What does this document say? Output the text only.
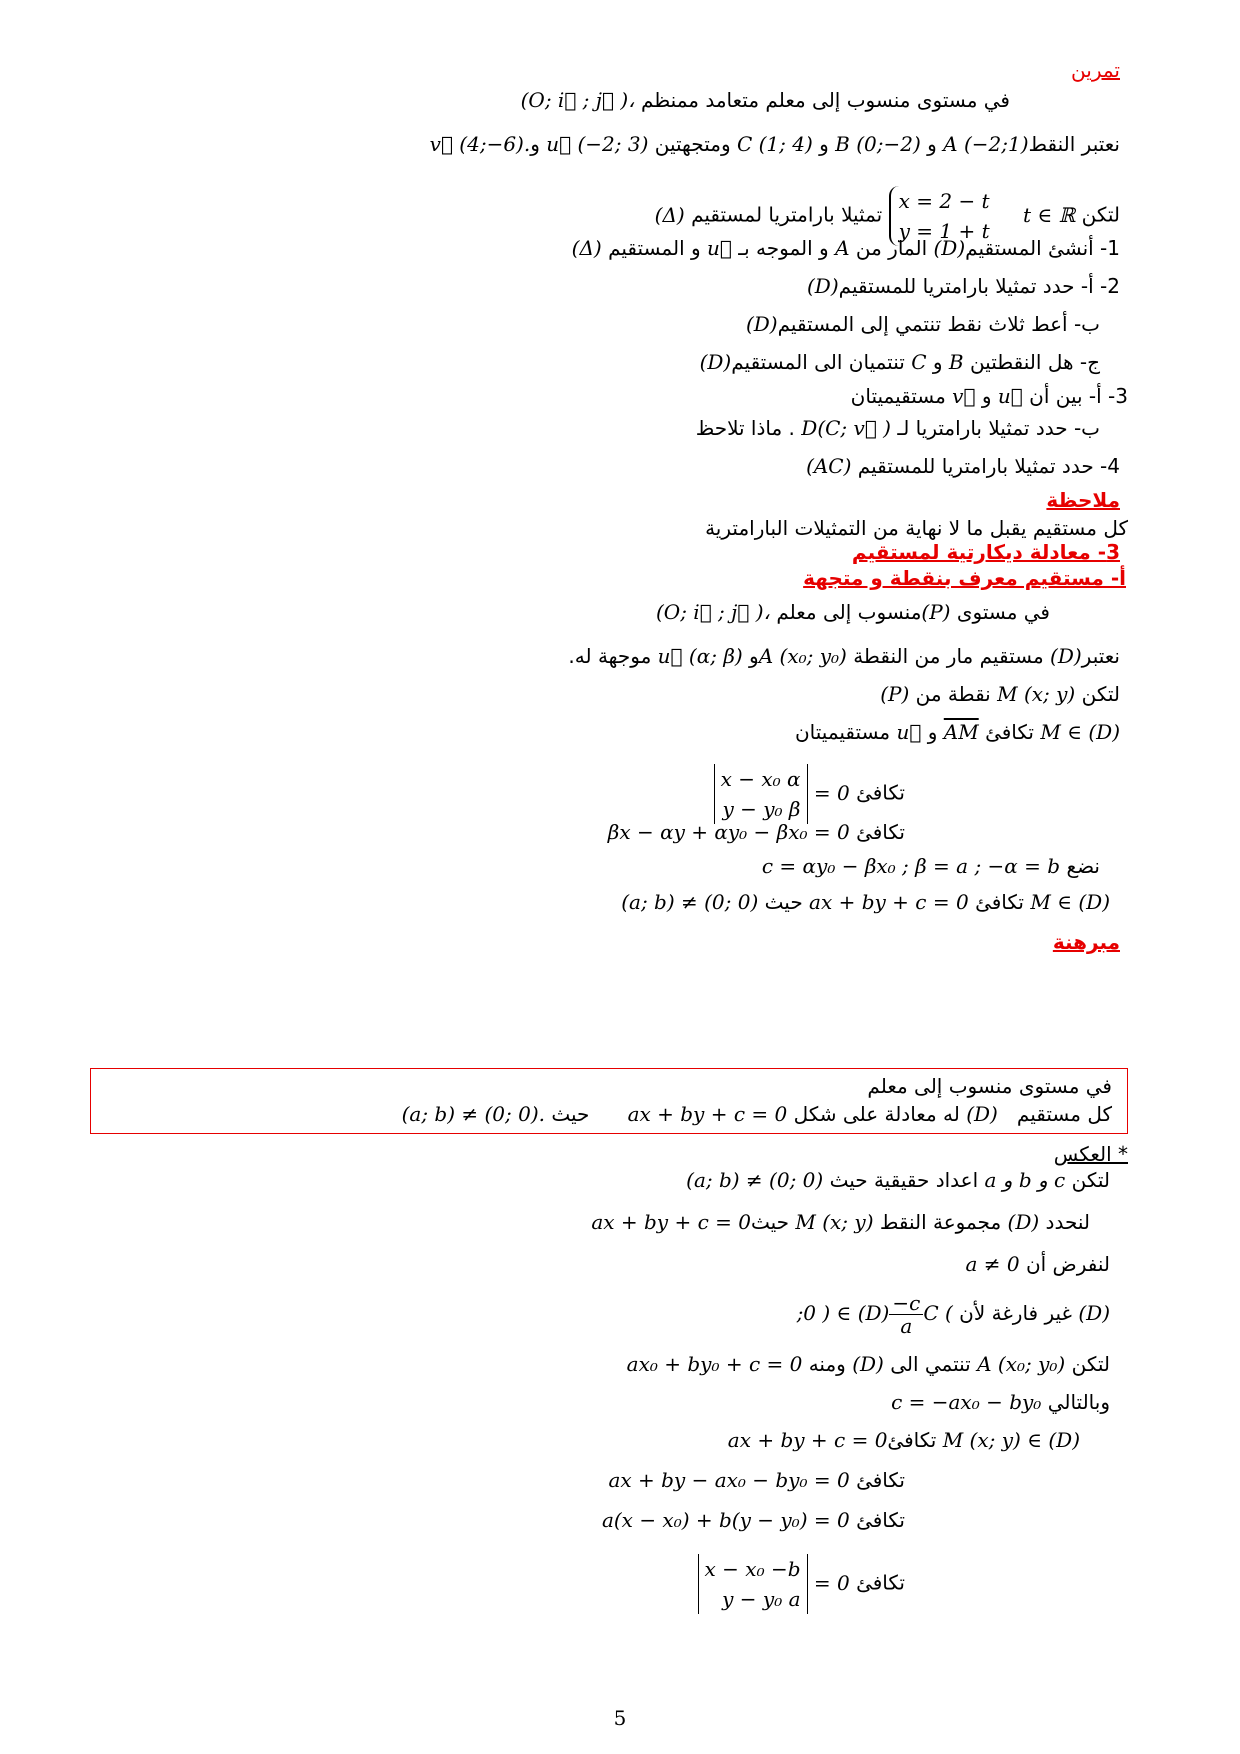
تمرين
في مستوى منسوب إلى معلم متعامد ممنظم (O; i⃗ ; j⃗ )،
نعتبر النقطA (−2;1) و B (0;−2) و C (1; 4) ومتجهتين u⃗ (−2; 3) وv⃗ (4;−6).
لتكن t ∈ ℝ    x = 2 − t
y = 1 + t تمثيلا بارامتريا لمستقيم (Δ)
1- أنشئ المستقيم(D) المار من A و الموجه بـ u⃗ و المستقيم (Δ)
2- أ- حدد تمثيلا بارامتريا للمستقيم(D)
ب- أعط ثلاث نقط تنتمي إلى المستقيم(D)
ج- هل النقطتين B و C تنتميان الى المستقيم(D)
3- أ- بين أن u⃗ و v⃗ مستقيميتان
ب- حدد تمثيلا بارامتريا لـ D(C; v⃗ ) . ماذا تلاحظ
4- حدد تمثيلا بارامتريا للمستقيم (AC)
ملاحظة
كل مستقيم يقبل ما لا نهاية من التمثيلات البارامترية
3- معادلة ديكارتية لمستقيم
أ- مستقيم معرف بنقطة و متجهة
في مستوى (P)منسوب إلى معلم (O; i⃗ ; j⃗ )،
نعتبر(D) مستقيم مار من النقطة A (x₀; y₀)و u⃗ (α; β) موجهة له.
لتكن M (x; y) نقطة من (P)
M ∈ (D) تكافئ $\overline{AM}$ و u⃗ مستقيميتان
تكافئ = 0 x − x₀ α
y − y₀ β
تكافئ βx − αy + αy₀ − βx₀ = 0
نضع c = αy₀ − βx₀ ; β = a ; −α = b
M ∈ (D) تكافئ ax + by + c = 0 حيث (a; b) ≠ (0; 0)
مبرهنة
في مستوى منسوب إلى معلم
كل مستقيم   (D) له معادلة على شكل ax + by + c = 0      حيث (a; b) ≠ (0; 0).
* العكس
لتكن a و b و c اعداد حقيقية حيث (a; b) ≠ (0; 0)
لنحدد (D) مجموعة النقط M (x; y) حيثax + by + c = 0
لنفرض أن a ≠ 0
(D) غير فارغة لأن C (
$\frac{-c}{a}$
;0 ) ∈ (D)
لتكن A (x₀; y₀) تنتمي الى (D) ومنه ax₀ + by₀ + c = 0
وبالتالي c = −ax₀ − by₀
M (x; y) ∈ (D) تكافئax + by + c = 0
تكافئ ax + by − ax₀ − by₀ = 0
تكافئ a(x − x₀) + b(y − y₀) = 0
تكافئ = 0 x − x₀ −b
y − y₀ a
5
